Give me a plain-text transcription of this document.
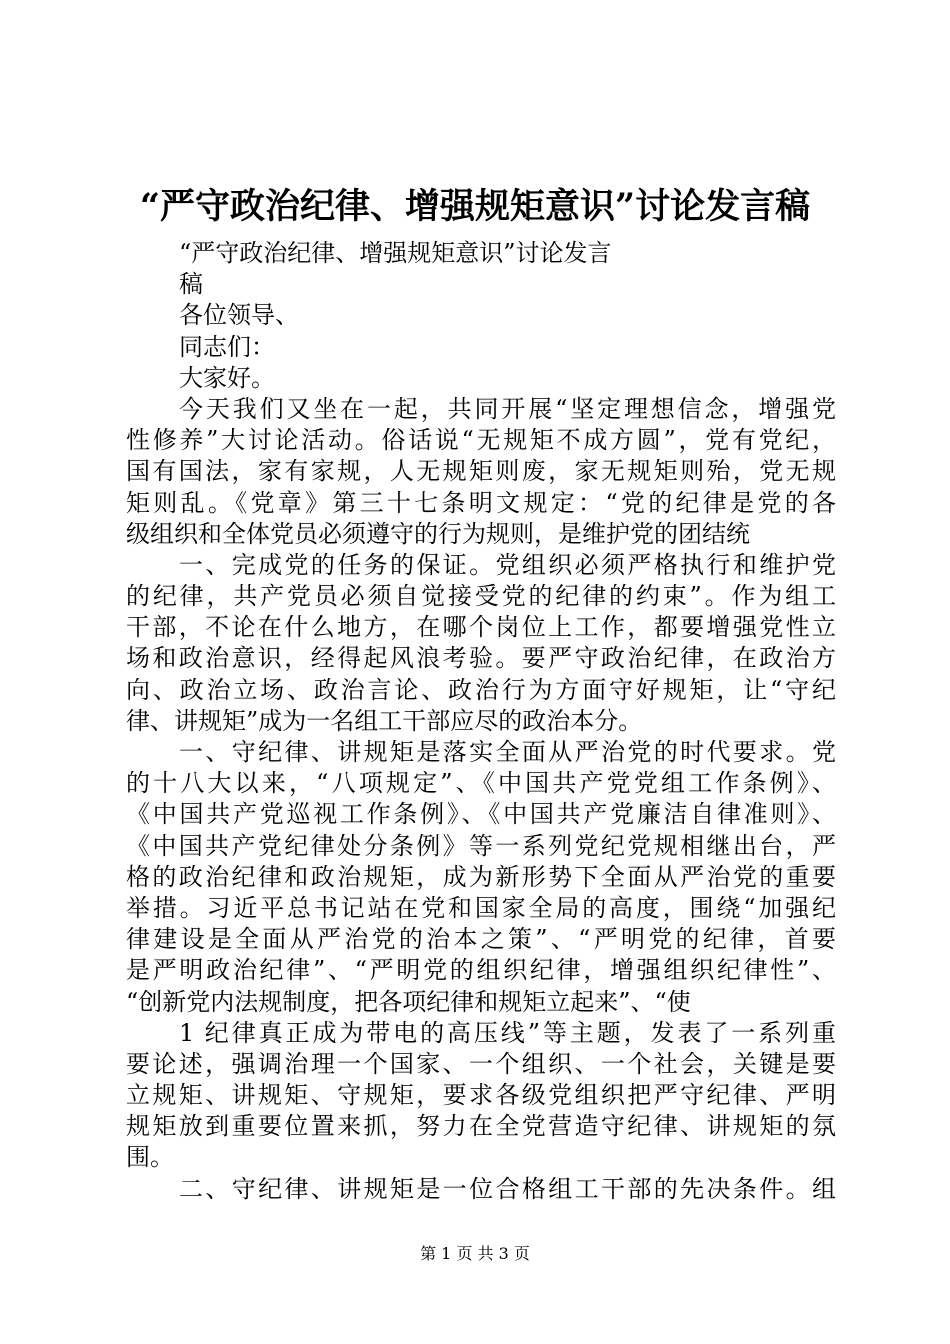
“严守政治纪律、增强规矩意识”讨论发言稿
“严守政治纪律、增强规矩意识”讨论发言
稿
各位领导、
同志们：
大家好。
今天我们又坐在一起，共同开展“坚定理想信念，增强党
性修养”大讨论活动。俗话说“无规矩不成方圆”，党有党纪，
国有国法，家有家规，人无规矩则废，家无规矩则殆，党无规
矩则乱。《党章》第三十七条明文规定：“党的纪律是党的各
级组织和全体党员必须遵守的行为规则，是维护党的团结统
一、完成党的任务的保证。党组织必须严格执行和维护党
的纪律，共产党员必须自觉接受党的纪律的约束”。作为组工
干部，不论在什么地方，在哪个岗位上工作，都要增强党性立
场和政治意识，经得起风浪考验。要严守政治纪律，在政治方
向、政治立场、政治言论、政治行为方面守好规矩，让“守纪
律、讲规矩”成为一名组工干部应尽的政治本分。
一、守纪律、讲规矩是落实全面从严治党的时代要求。党
的十八大以来，“八项规定”、《中国共产党党组工作条例》、
《中国共产党巡视工作条例》、《中国共产党廉洁自律准则》、
《中国共产党纪律处分条例》等一系列党纪党规相继出台，严
格的政治纪律和政治规矩，成为新形势下全面从严治党的重要
举措。习近平总书记站在党和国家全局的高度，围绕“加强纪
律建设是全面从严治党的治本之策”、“严明党的纪律，首要
是严明政治纪律”、“严明党的组织纪律，增强组织纪律性”、
“创新党内法规制度，把各项纪律和规矩立起来”、“使
1 纪律真正成为带电的高压线”等主题，发表了一系列重
要论述，强调治理一个国家、一个组织、一个社会，关键是要
立规矩、讲规矩、守规矩，要求各级党组织把严守纪律、严明
规矩放到重要位置来抓，努力在全党营造守纪律、讲规矩的氛
围。
二、守纪律、讲规矩是一位合格组工干部的先决条件。组
第 1 页 共 3 页
